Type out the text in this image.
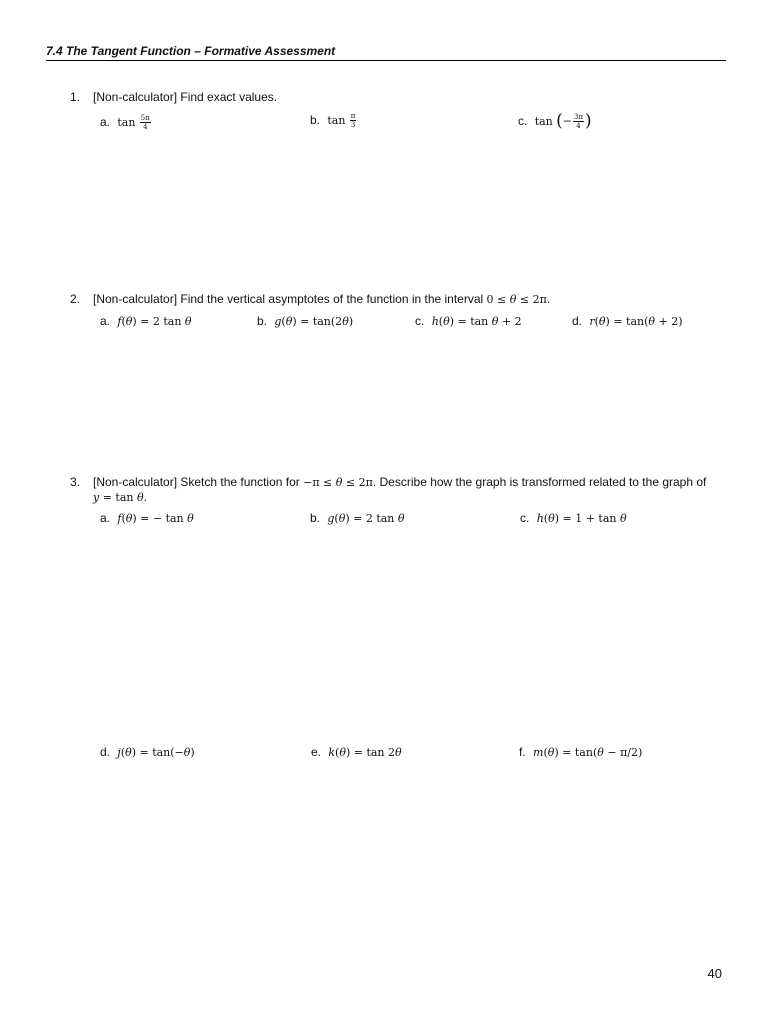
7.4 The Tangent Function – Formative Assessment
1. [Non-calculator] Find exact values.
a. $\tan \frac{5\pi}{4}$	b. $\tan \frac{\pi}{3}$	c. tan (− $\frac{3\pi}{4}$ )
2. [Non-calculator] Find the vertical asymptotes of the function in the interval 0 ≤ θ ≤ 2π.
a. f(θ) = 2 tan θ	b. g(θ) = tan(2θ)	c. h(θ) = tan θ + 2	d. r(θ) = tan(θ + 2)
3. [Non-calculator] Sketch the function for −π ≤ θ ≤ 2π. Describe how the graph is transformed related to the graph of y = tan θ.
a. f(θ) = − tan θ	b. g(θ) = 2 tan θ	c. h(θ) = 1 + tan θ
d. j(θ) = tan(−θ)	e. k(θ) = tan 2θ	f. m(θ) = tan(θ − π/2)
40
